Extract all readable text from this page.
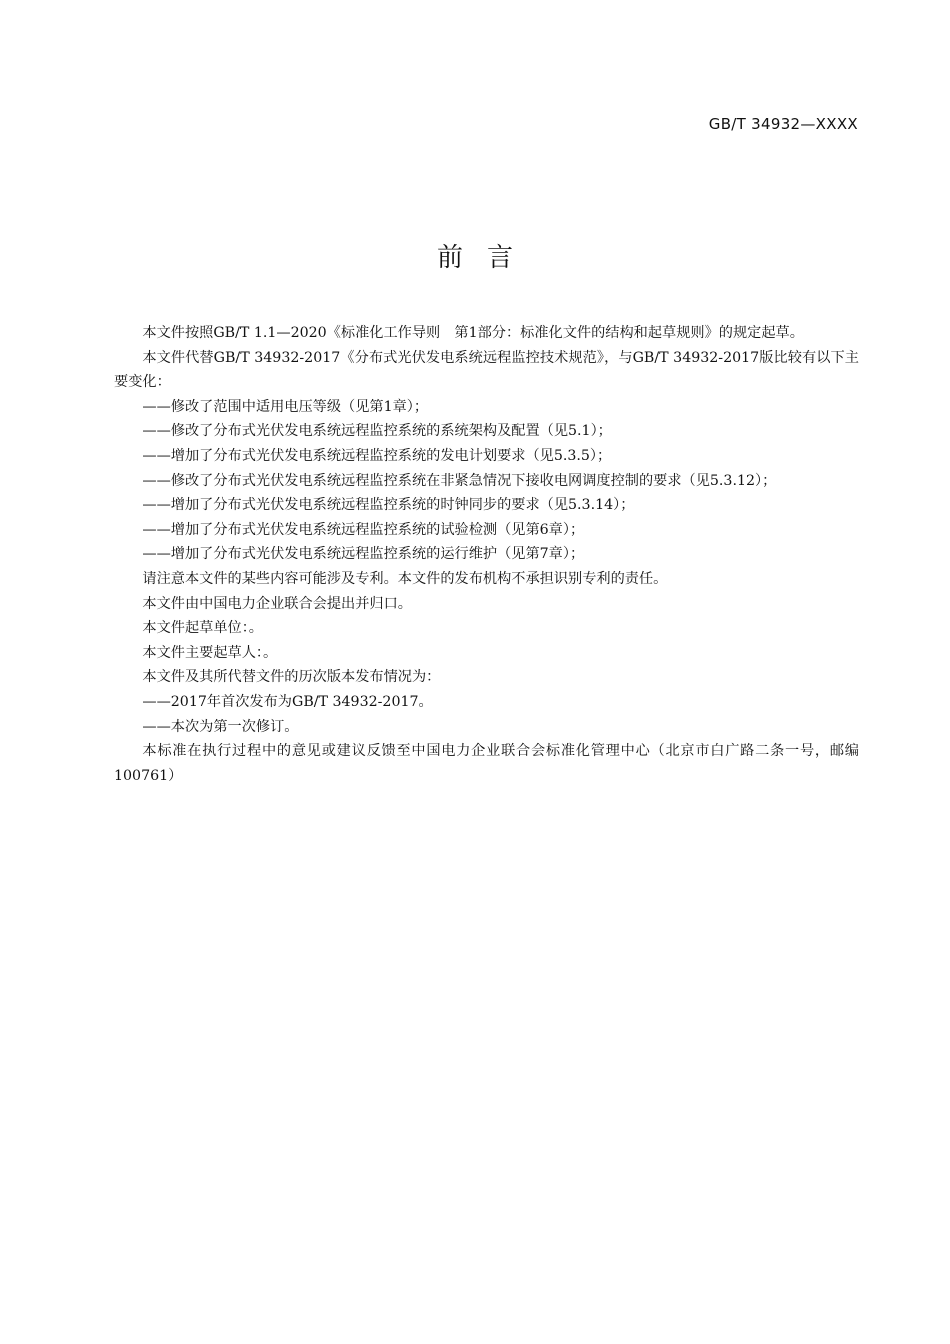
GB/T 34932—XXXX
前言

本文件按照GB/T 1.1—2020《标准化工作导则　第1部分：标准化文件的结构和起草规则》的规定起草。

本文件代替GB/T 34932-2017《分布式光伏发电系统远程监控技术规范》，与GB/T 34932-2017版比较有以下主要变化：

——修改了范围中适用电压等级（见第1章）；

——修改了分布式光伏发电系统远程监控系统的系统架构及配置（见5.1）；

——增加了分布式光伏发电系统远程监控系统的发电计划要求（见5.3.5）；

——修改了分布式光伏发电系统远程监控系统在非紧急情况下接收电网调度控制的要求（见5.3.12）；

——增加了分布式光伏发电系统远程监控系统的时钟同步的要求（见5.3.14）；

——增加了分布式光伏发电系统远程监控系统的试验检测（见第6章）；

——增加了分布式光伏发电系统远程监控系统的运行维护（见第7章）；

请注意本文件的某些内容可能涉及专利。本文件的发布机构不承担识别专利的责任。

本文件由中国电力企业联合会提出并归口。

本文件起草单位：。

本文件主要起草人：。

本文件及其所代替文件的历次版本发布情况为：

——2017年首次发布为GB/T 34932-2017。

——本次为第一次修订。

本标准在执行过程中的意见或建议反馈至中国电力企业联合会标准化管理中心（北京市白广路二条一号，邮编100761）
